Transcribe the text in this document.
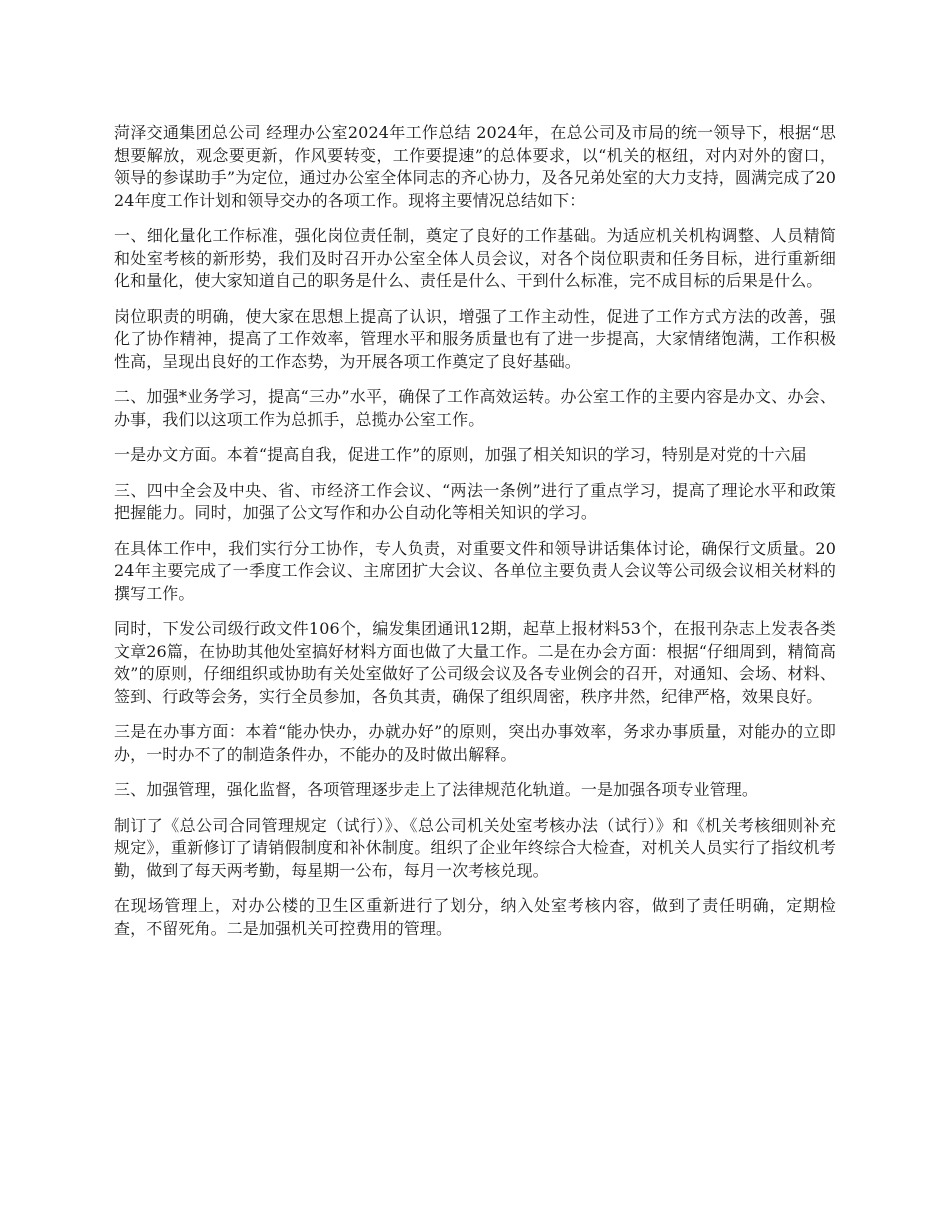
菏泽交通集团总公司 经理办公室2024年工作总结 2024年，在总公司及市局的统一领导下，根据“思想要解放，观念要更新，作风要转变，工作要提速”的总体要求，以“机关的枢纽，对内对外的窗口，领导的参谋助手”为定位，通过办公室全体同志的齐心协力，及各兄弟处室的大力支持，圆满完成了2024年度工作计划和领导交办的各项工作。现将主要情况总结如下：

一、细化量化工作标准，强化岗位责任制，奠定了良好的工作基础。为适应机关机构调整、人员精简和处室考核的新形势，我们及时召开办公室全体人员会议，对各个岗位职责和任务目标，进行重新细化和量化，使大家知道自己的职务是什么、责任是什么、干到什么标准，完不成目标的后果是什么。

岗位职责的明确，使大家在思想上提高了认识，增强了工作主动性，促进了工作方式方法的改善，强化了协作精神，提高了工作效率，管理水平和服务质量也有了进一步提高，大家情绪饱满，工作积极性高，呈现出良好的工作态势，为开展各项工作奠定了良好基础。

二、加强*业务学习，提高“三办”水平，确保了工作高效运转。办公室工作的主要内容是办文、办会、办事，我们以这项工作为总抓手，总揽办公室工作。

一是办文方面。本着“提高自我，促进工作”的原则，加强了相关知识的学习，特别是对党的十六届

三、四中全会及中央、省、市经济工作会议、“两法一条例”进行了重点学习，提高了理论水平和政策把握能力。同时，加强了公文写作和办公自动化等相关知识的学习。

在具体工作中，我们实行分工协作，专人负责，对重要文件和领导讲话集体讨论，确保行文质量。2024年主要完成了一季度工作会议、主席团扩大会议、各单位主要负责人会议等公司级会议相关材料的撰写工作。

同时，下发公司级行政文件106个，编发集团通讯12期，起草上报材料53个，在报刊杂志上发表各类文章26篇，在协助其他处室搞好材料方面也做了大量工作。二是在办会方面：根据“仔细周到，精简高效”的原则，仔细组织或协助有关处室做好了公司级会议及各专业例会的召开，对通知、会场、材料、签到、行政等会务，实行全员参加，各负其责，确保了组织周密，秩序井然，纪律严格，效果良好。

三是在办事方面：本着“能办快办，办就办好”的原则，突出办事效率，务求办事质量，对能办的立即办，一时办不了的制造条件办，不能办的及时做出解释。

三、加强管理，强化监督，各项管理逐步走上了法律规范化轨道。一是加强各项专业管理。

制订了《总公司合同管理规定（试行）》、《总公司机关处室考核办法（试行）》和《机关考核细则补充规定》，重新修订了请销假制度和补休制度。组织了企业年终综合大检查，对机关人员实行了指纹机考勤，做到了每天两考勤，每星期一公布，每月一次考核兑现。

在现场管理上，对办公楼的卫生区重新进行了划分，纳入处室考核内容，做到了责任明确，定期检查，不留死角。二是加强机关可控费用的管理。
